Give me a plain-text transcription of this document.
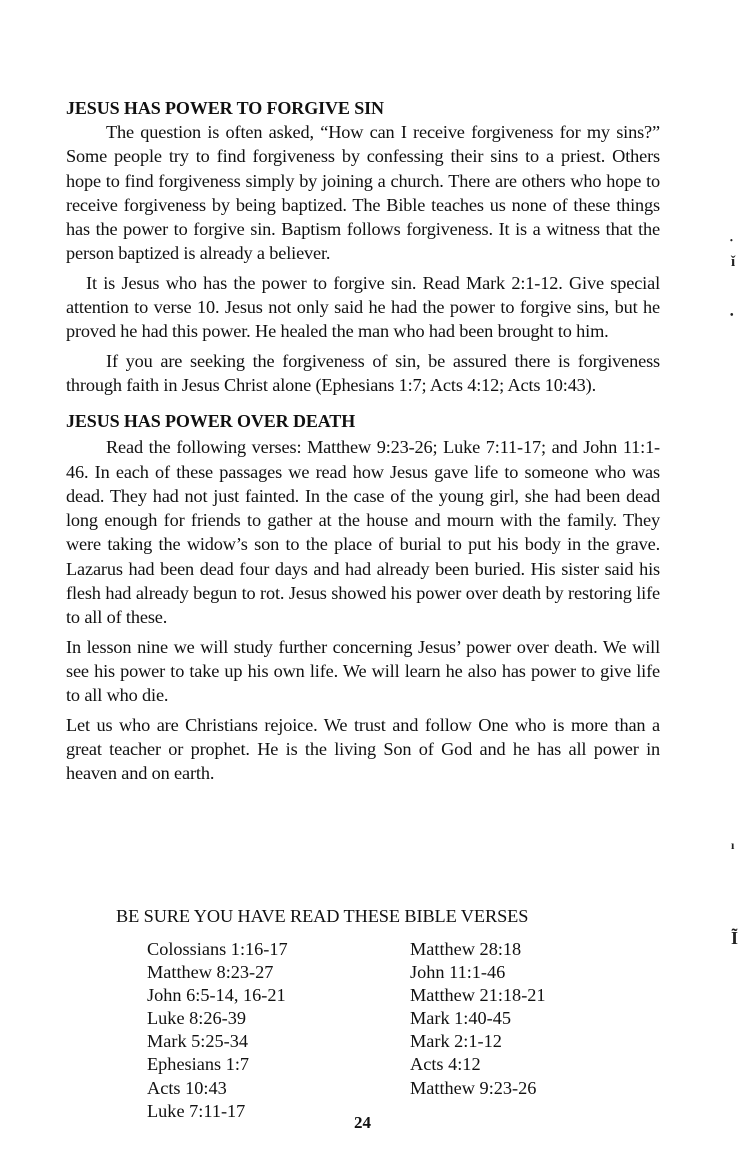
JESUS HAS POWER TO FORGIVE SIN

The question is often asked, “How can I receive forgiveness for my sins?” Some people try to find forgiveness by confessing their sins to a priest. Others hope to find forgiveness simply by joining a church. There are others who hope to receive forgiveness by being baptized. The Bible teaches us none of these things has the power to forgive sin. Baptism follows forgiveness. It is a witness that the person baptized is already a believer.

It is Jesus who has the power to forgive sin. Read Mark 2:1-12. Give special attention to verse 10. Jesus not only said he had the power to forgive sins, but he proved he had this power. He healed the man who had been brought to him.

If you are seeking the forgiveness of sin, be assured there is forgiveness through faith in Jesus Christ alone (Ephesians 1:7; Acts 4:12; Acts 10:43).

JESUS HAS POWER OVER DEATH

Read the following verses: Matthew 9:23-26; Luke 7:11-17; and John 11:1-46. In each of these passages we read how Jesus gave life to someone who was dead. They had not just fainted. In the case of the young girl, she had been dead long enough for friends to gather at the house and mourn with the family. They were taking the widow’s son to the place of burial to put his body in the grave. Lazarus had been dead four days and had already been buried. His sister said his flesh had already begun to rot. Jesus showed his power over death by restoring life to all of these.

In lesson nine we will study further concerning Jesus’ power over death. We will see his power to take up his own life. We will learn he also has power to give life to all who die.

Let us who are Christians rejoice. We trust and follow One who is more than a great teacher or prophet. He is the living Son of God and he has all power in heaven and on earth.

BE SURE YOU HAVE READ THESE BIBLE VERSES
Colossians 1:16-17
Matthew 8:23-27
John 6:5-14, 16-21
Luke 8:26-39
Mark 5:25-34
Ephesians 1:7
Acts 10:43
Luke 7:11-17
Matthew 28:18
John 11:1-46
Matthew 21:18-21
Mark 1:40-45
Mark 2:1-12
Acts 4:12
Matthew 9:23-26
24
•
ǐ
•
ı
Ĩ
